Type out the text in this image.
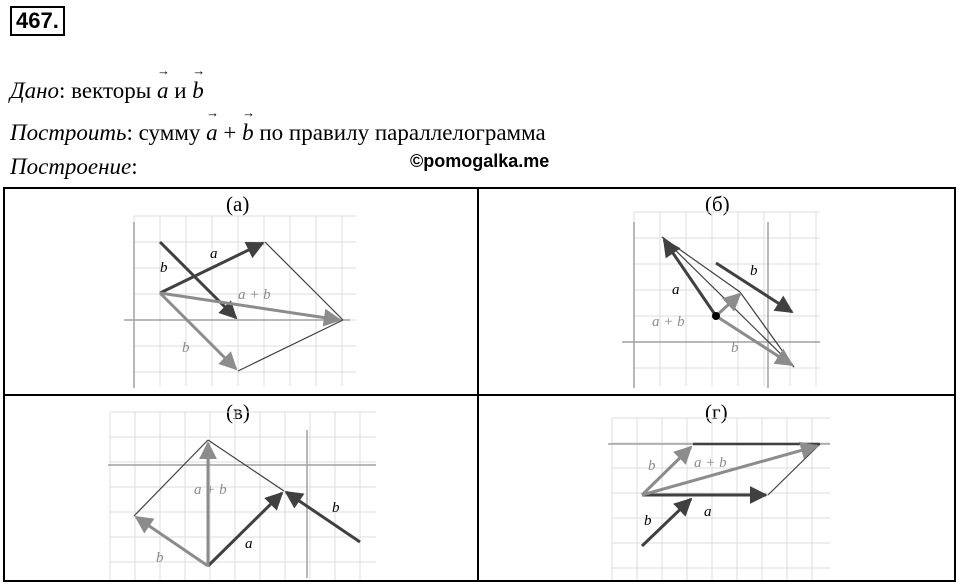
467.
Дано: векторы → a и → b
Построить: сумму → a + → b по правилу параллелограмма
Построение:	©pomogalka.me
(а)	(б)
(в)	(г)
a
b
a + b
b
a
b
a + b
b
a
b
a + b
b
a
b
a + b
b
